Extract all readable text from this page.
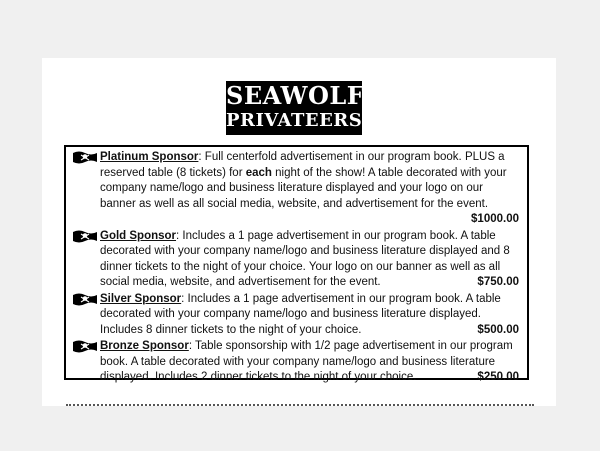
SEAWOLF
PRIVATEERS
Platinum Sponsor: Full centerfold advertisement in our program book. PLUS a reserved table (8 tickets) for each night of the show! A table decorated with your company name/logo and business literature displayed and your logo on our banner as well as all social media, website, and advertisement for the event.
$1000.00
Gold Sponsor: Includes a 1 page advertisement in our program book. A table decorated with your company name/logo and business literature displayed and 8 dinner tickets to the night of your choice. Your logo on our banner as well as all social media, website, and advertisement for the event.	$750.00
Silver Sponsor: Includes a 1 page advertisement in our program book. A table decorated with your company name/logo and business literature displayed. Includes 8 dinner tickets to the night of your choice.	$500.00
Bronze Sponsor: Table sponsorship with 1/2 page advertisement in our program book. A table decorated with your company name/logo and business literature displayed. Includes 2 dinner tickets to the night of your choice.	$250.00
